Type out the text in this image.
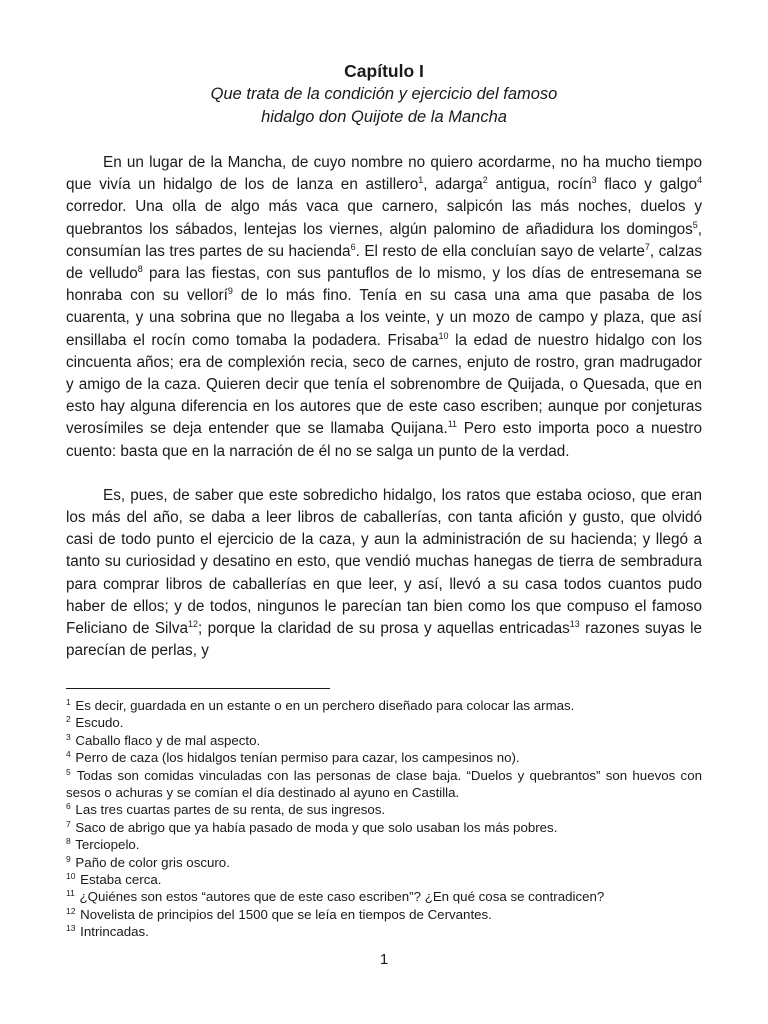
Capítulo I
Que trata de la condición y ejercicio del famoso
hidalgo don Quijote de la Mancha

En un lugar de la Mancha, de cuyo nombre no quiero acordarme, no ha mucho tiempo que vivía un hidalgo de los de lanza en astillero$^1$, adarga$^2$ antigua, rocín$^3$ flaco y galgo$^4$ corredor. Una olla de algo más vaca que carnero, salpicón las más noches, duelos y quebrantos los sábados, lentejas los viernes, algún palomino de añadidura los domingos$^5$, consumían las tres partes de su hacienda$^6$. El resto de ella concluían sayo de velarte$^7$, calzas de velludo$^8$ para las fiestas, con sus pantuflos de lo mismo, y los días de entresemana se honraba con su vellorí$^9$ de lo más fino. Tenía en su casa una ama que pasaba de los cuarenta, y una sobrina que no llegaba a los veinte, y un mozo de campo y plaza, que así ensillaba el rocín como tomaba la podadera. Frisaba$^{10}$ la edad de nuestro hidalgo con los cincuenta años; era de complexión recia, seco de carnes, enjuto de rostro, gran madrugador y amigo de la caza. Quieren decir que tenía el sobrenombre de Quijada, o Quesada, que en esto hay alguna diferencia en los autores que de este caso escriben; aunque por conjeturas verosímiles se deja entender que se llamaba Quijana.$^{11}$ Pero esto importa poco a nuestro cuento: basta que en la narración de él no se salga un punto de la verdad.

Es, pues, de saber que este sobredicho hidalgo, los ratos que estaba ocioso, que eran los más del año, se daba a leer libros de caballerías, con tanta afición y gusto, que olvidó casi de todo punto el ejercicio de la caza, y aun la administración de su hacienda; y llegó a tanto su curiosidad y desatino en esto, que vendió muchas hanegas de tierra de sembradura para comprar libros de caballerías en que leer, y así, llevó a su casa todos cuantos pudo haber de ellos; y de todos, ningunos le parecían tan bien como los que compuso el famoso Feliciano de Silva$^{12}$; porque la claridad de su prosa y aquellas entricadas$^{13}$ razones suyas le parecían de perlas, y

$^1$ Es decir, guardada en un estante o en un perchero diseñado para colocar las armas.
$^2$ Escudo.
$^3$ Caballo flaco y de mal aspecto.
$^4$ Perro de caza (los hidalgos tenían permiso para cazar, los campesinos no).
$^5$ Todas son comidas vinculadas con las personas de clase baja. “Duelos y quebrantos” son huevos con sesos o achuras y se comían el día destinado al ayuno en Castilla.
$^6$ Las tres cuartas partes de su renta, de sus ingresos.
$^7$ Saco de abrigo que ya había pasado de moda y que solo usaban los más pobres.
$^8$ Terciopelo.
$^9$ Paño de color gris oscuro.
$^{10}$ Estaba cerca.
$^{11}$ ¿Quiénes son estos “autores que de este caso escriben”? ¿En qué cosa se contradicen?
$^{12}$ Novelista de principios del 1500 que se leía en tiempos de Cervantes.
$^{13}$ Intrincadas.
1
